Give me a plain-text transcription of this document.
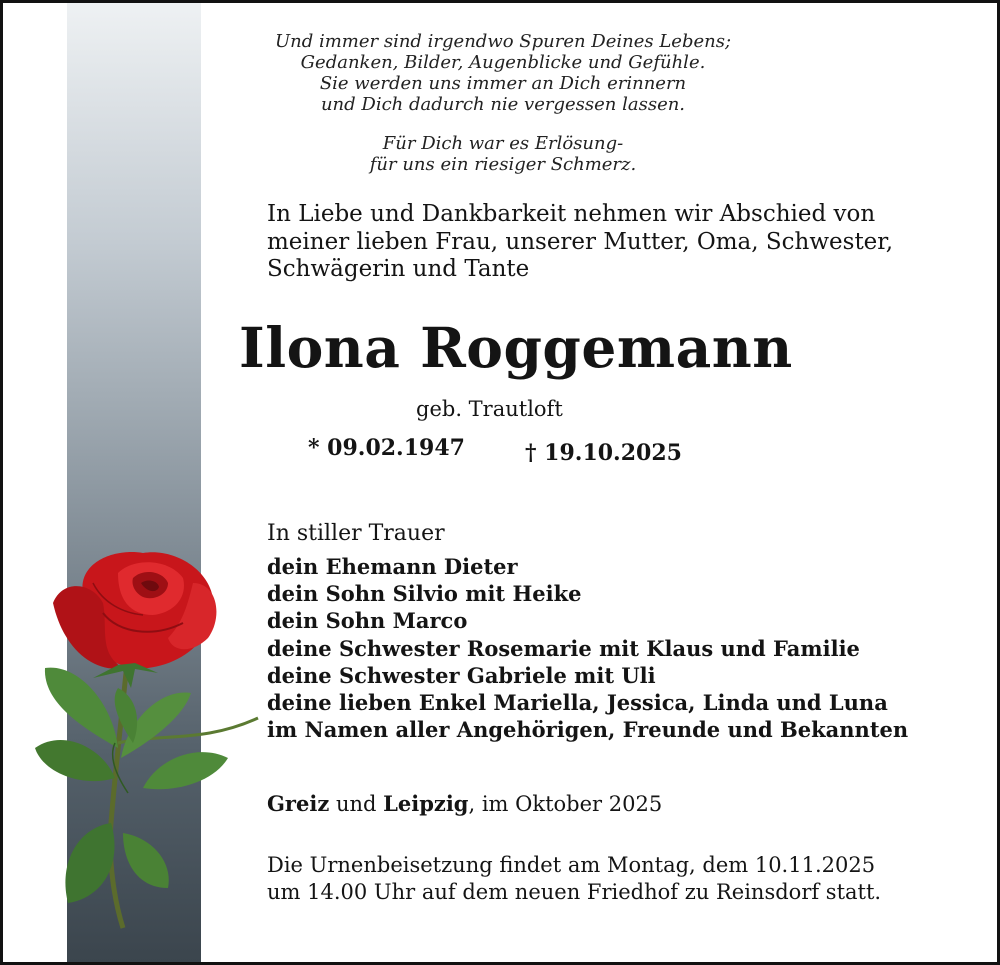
Und immer sind irgendwo Spuren Deines Lebens;
Gedanken, Bilder, Augenblicke und Gefühle.
Sie werden uns immer an Dich erinnern
und Dich dadurch nie vergessen lassen.
Für Dich war es Erlösung-
für uns ein riesiger Schmerz.
In Liebe und Dankbarkeit nehmen wir Abschied von
meiner lieben Frau, unserer Mutter, Oma, Schwester,
Schwägerin und Tante
Ilona Roggemann
geb. Trautloft
* 09.02.1947	† 19.10.2025
In stiller Trauer
dein Ehemann Dieter
dein Sohn Silvio mit Heike
dein Sohn Marco
deine Schwester Rosemarie mit Klaus und Familie
deine Schwester Gabriele mit Uli
deine lieben Enkel Mariella, Jessica, Linda und Luna
im Namen aller Angehörigen, Freunde und Bekannten
Greiz und Leipzig, im Oktober 2025
Die Urnenbeisetzung findet am Montag, dem 10.11.2025
um 14.00 Uhr auf dem neuen Friedhof zu Reinsdorf statt.
